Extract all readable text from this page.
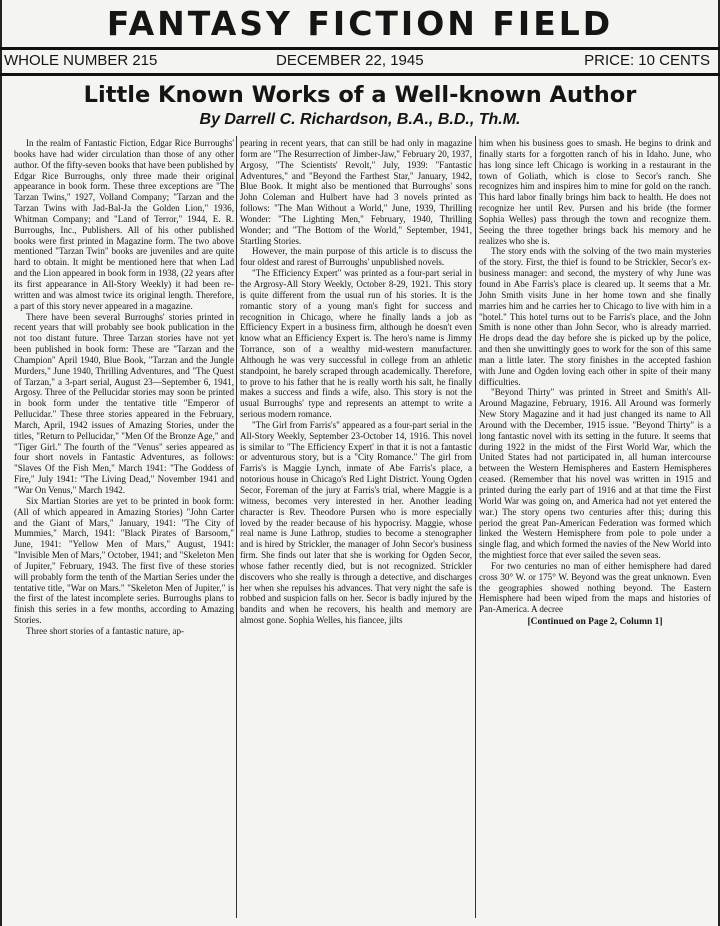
FANTASY FICTION FIELD
WHOLE NUMBER 215	DECEMBER 22, 1945	PRICE: 10 CENTS
Little Known Works of a Well-known Author
By Darrell C. Richardson, B.A., B.D., Th.M.

In the realm of Fantastic Fiction, Edgar Rice Burroughs' books have had wider circulation than those of any other author. Of the fifty-seven books that have been published by Edgar Rice Burroughs, only three made their original appearance in book form. These three exceptions are "The Tarzan Twins," 1927, Volland Company; "Tarzan and the Tarzan Twins with Jad-Bal-Ja the Golden Lion," 1936, Whitman Company; and "Land of Terror," 1944, E. R. Burroughs, Inc., Publishers. All of his other published books were first printed in Magazine form. The two above mentioned "Tarzan Twin" books are juveniles and are quite hard to obtain. It might be mentioned here that when Lad and the Lion appeared in book form in 1938, (22 years after its first appearance in All-Story Weekly) it had been re-written and was almost twice its original length. Therefore, a part of this story never appeared in a magazine.

There have been several Burroughs' stories printed in recent years that will probably see book publication in the not too distant future. Three Tarzan stories have not yet been published in book form: These are "Tarzan and the Champion" April 1940, Blue Book, "Tarzan and the Jungle Murders," June 1940, Thrilling Adventures, and "The Quest of Tarzan," a 3-part serial, August 23—September 6, 1941, Argosy. Three of the Pellucidar stories may soon be printed in book form under the tentative title "Emperor of Pellucidar." These three stories appeared in the February, March, April, 1942 issues of Amazing Stories, under the titles, "Return to Pellucidar," "Men Of the Bronze Age," and "Tiger Girl." The fourth of the "Venus" series appeared as four short novels in Fantastic Adventures, as follows: "Slaves Of the Fish Men," March 1941: "The Goddess of Fire," July 1941: "The Living Dead," November 1941 and "War On Venus," March 1942.

Six Martian Stories are yet to be printed in book form: (All of which appeared in Amazing Stories) "John Carter and the Giant of Mars," January, 1941: "The City of Mummies," March, 1941: "Black Pirates of Barsoom," June, 1941: "Yellow Men of Mars," August, 1941: "Invisible Men of Mars," October, 1941; and "Skeleton Men of Jupiter," February, 1943. The first five of these stories will probably form the tenth of the Martian Series under the tentative title, "War on Mars." "Skeleton Men of Jupiter," is the first of the latest incomplete series. Burroughs plans to finish this series in a few months, according to Amazing Stories.

Three short stories of a fantastic nature, ap-

pearing in recent years, that can still be had only in magazine form are "The Resurrection of Jimber-Jaw," February 20, 1937, Argosy, "The Scientists' Revolt," July, 1939: "Fantastic Adventures," and "Beyond the Farthest Star," January, 1942, Blue Book. It might also be mentioned that Burroughs' sons John Coleman and Hulbert have had 3 novels printed as follows: "The Man Without a World," June, 1939, Thrilling Wonder: "The Lighting Men," February, 1940, Thrilling Wonder; and "The Bottom of the World," September, 1941, Startling Stories.

However, the main purpose of this article is to discuss the four oldest and rarest of Burroughs' unpublished novels.

"The Efficiency Expert" was printed as a four-part serial in the Argrosy-All Story Weekly, October 8-29, 1921. This story is quite different from the usual run of his stories. It is the romantic story of a young man's fight for success and recognition in Chicago, where he finally lands a job as Efficiency Expert in a business firm, although he doesn't even know what an Efficiency Expert is. The hero's name is Jimmy Torrance, son of a wealthy mid-western manufacturer. Although he was very successful in college from an athletic standpoint, he barely scraped through academically. Therefore, to prove to his father that he is really worth his salt, he finally makes a success and finds a wife, also. This story is not the usual Burroughs' type and represents an attempt to write a serious modern romance.

"The Girl from Farris's" appeared as a four-part serial in the All-Story Weekly, September 23-October 14, 1916. This novel is similar to "The Efficiency Expert' in that it is not a fantastic or adventurous story, but is a "City Romance." The girl from Farris's is Maggie Lynch, inmate of Abe Farris's place, a notorious house in Chicago's Red Light District. Young Ogden Secor, Foreman of the jury at Farris's trial, where Maggie is a witness, becomes very interested in her. Another leading character is Rev. Theodore Pursen who is more especially loved by the reader because of his hypocrisy. Maggie, whose real name is June Lathrop, studies to become a stenographer and is hired by Strickler, the manager of John Secor's business firm. She finds out later that she is working for Ogden Secor, whose father recently died, but is not recognized. Strickler discovers who she really is through a detective, and discharges her when she repulses his advances. That very night the safe is robbed and suspicion falls on her. Secor is badly injured by the bandits and when he recovers, his health and memory are almost gone. Sophia Welles, his fiancee, jilts

him when his business goes to smash. He begins to drink and finally starts for a forgotten ranch of his in Idaho. June, who has long since left Chicago is working in a restaurant in the town of Goliath, which is close to Secor's ranch. She recognizes him and inspires him to mine for gold on the ranch. This hard labor finally brings him back to health. He does not recognize her until Rev. Pursen and his bride (the former Sophia Welles) pass through the town and recognize them. Seeing the three together brings back his memory and he realizes who she is.

The story ends with the solving of the two main mysteries of the story. First, the thief is found to be Strickler, Secor's ex-business manager: and second, the mystery of why June was found in Abe Farris's place is cleared up. It seems that a Mr. John Smith visits June in her home town and she finally marries him and he carries her to Chicago to live with him in a "hotel." This hotel turns out to be Farris's place, and the John Smith is none other than John Secor, who is already married. He drops dead the day before she is picked up by the police, and then she unwittingly goes to work for the son of this same man a little later. The story finishes in the accepted fashion with June and Ogden loving each other in spite of their many difficulties.

"Beyond Thirty" was printed in Street and Smith's All-Around Magazine, February, 1916. All Around was formerly New Story Magazine and it had just changed its name to All Around with the December, 1915 issue. "Beyond Thirty" is a long fantastic novel with its setting in the future. It seems that during 1922 in the midst of the First World War, which the United States had not participated in, all human intercourse between the Western Hemispheres and Eastern Hemispheres ceased. (Remember that his novel was written in 1915 and printed during the early part of 1916 and at that time the First World War was going on, and America had not yet entered the war.) The story opens two centuries after this; during this period the great Pan-American Federation was formed which linked the Western Hemisphere from pole to pole under a single flag, and which formed the navies of the New World into the mightiest force that ever sailed the seven seas.

For two centuries no man of either hemisphere had dared cross 30° W. or 175° W. Beyond was the great unknown. Even the geographies showed nothing beyond. The Eastern Hemisphere had been wiped from the maps and histories of Pan-America. A decree

[Continued on Page 2, Column 1]
